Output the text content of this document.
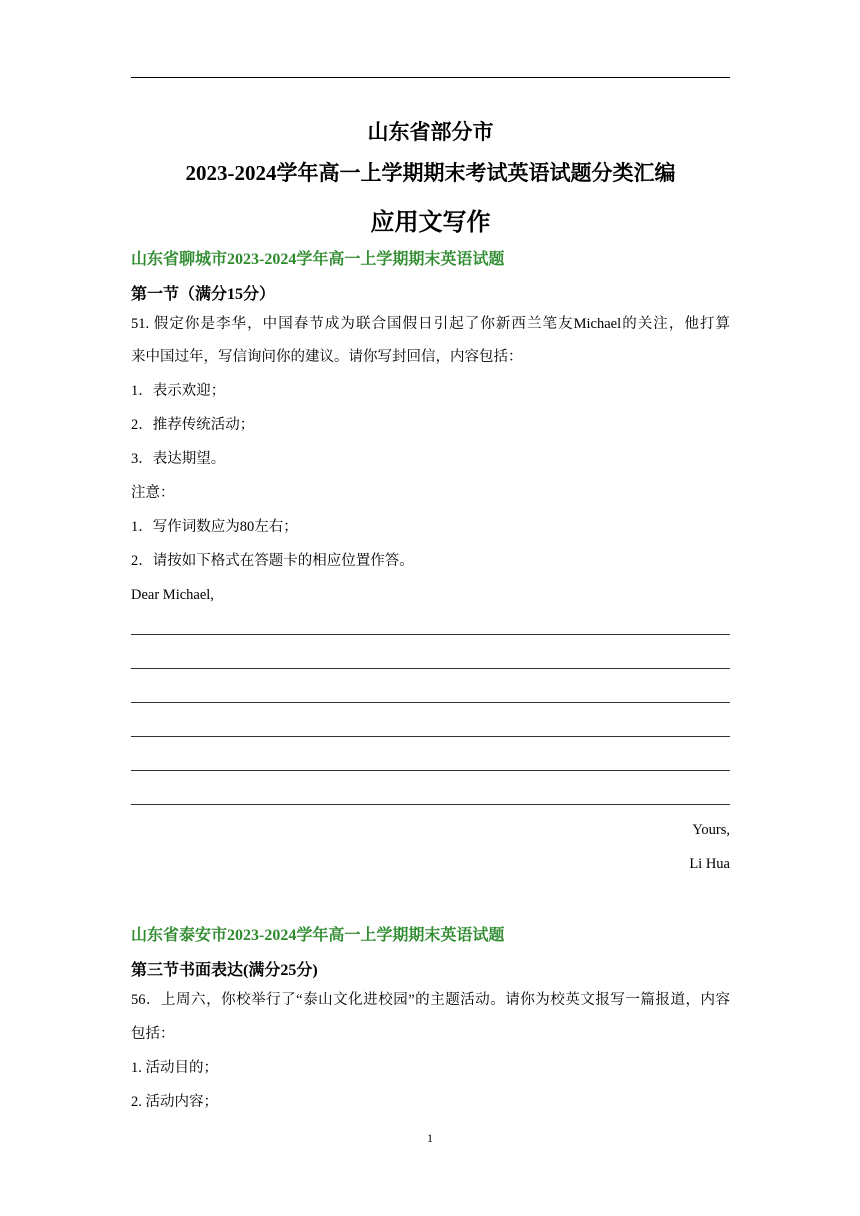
山东省部分市
2023-2024学年高一上学期期末考试英语试题分类汇编
应用文写作
山东省聊城市2023-2024学年高一上学期期末英语试题
第一节（满分15分）
51. 假定你是李华，中国春节成为联合国假日引起了你新西兰笔友Michael的关注，他打算
来中国过年，写信询问你的建议。请你写封回信，内容包括：
1．表示欢迎；
2．推荐传统活动；
3．表达期望。
注意：
1．写作词数应为80左右；
2．请按如下格式在答题卡的相应位置作答。
Dear Michael,
Yours,
Li Hua
山东省泰安市2023-2024学年高一上学期期末英语试题
第三节书面表达(满分25分)
56．上周六，你校举行了“泰山文化进校园”的主题活动。请你为校英文报写一篇报道，内容
包括：
1. 活动目的；
2. 活动内容；
1
